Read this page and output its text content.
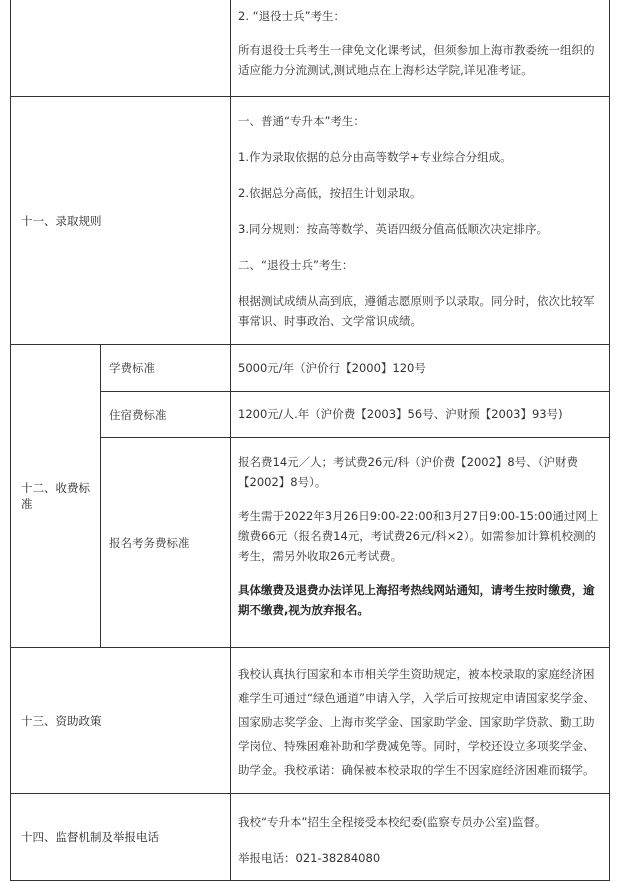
2. “退役士兵”考生：

所有退役士兵考生一律免文化课考试，但须参加上海市教委统一组织的适应能力分流测试,测试地点在上海杉达学院,详见准考证。

十一、录取规则

一、普通“专升本”考生：

1.作为录取依据的总分由高等数学+专业综合分组成。

2.依据总分高低，按招生计划录取。

3.同分规则：按高等数学、英语四级分值高低顺次决定排序。

二、“退役士兵”考生：

根据测试成绩从高到底，遵循志愿原则予以录取。同分时，依次比较军事常识、时事政治、文学常识成绩。

十二、收费标准
学费标准	5000元/年（沪价行【2000】120号
住宿费标准	1200元/人.年（沪价费【2003】56号、沪财预【2003】93号)
报名考务费标准

报名费14元／人；考试费26元/科（沪价费【2002】8号、（沪财费【2002】8号）。

考生需于2022年3月26日9:00-22:00和3月27日9:00-15:00通过网上缴费66元（报名费14元，考试费26元/科×2）。如需参加计算机校测的考生，需另外收取26元考试费。

具体缴费及退费办法详见上海招考热线网站通知，请考生按时缴费，逾期不缴费,视为放弃报名。

十三、资助政策

我校认真执行国家和本市相关学生资助规定，被本校录取的家庭经济困难学生可通过“绿色通道”申请入学，入学后可按规定申请国家奖学金、国家励志奖学金、上海市奖学金、国家助学金、国家助学贷款、勤工助学岗位、特殊困难补助和学费减免等。同时，学校还设立多项奖学金、助学金。我校承诺：确保被本校录取的学生不因家庭经济困难而辍学。

十四、监督机制及举报电话

我校“专升本”招生全程接受本校纪委(监察专员办公室)监督。

举报电话：021-38284080
